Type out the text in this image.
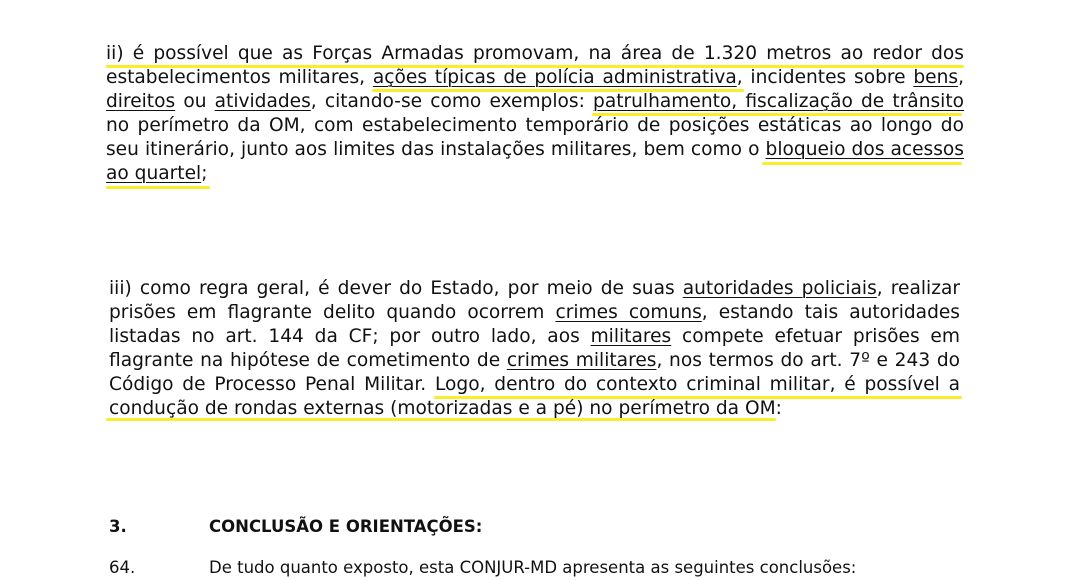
ii) é possível que as Forças Armadas promovam, na área de 1.320 metros ao redor dos estabelecimentos militares, ações típicas de polícia administrativa, incidentes sobre bens, direitos ou atividades, citando-se como exemplos: patrulhamento, fiscalização de trânsito no perímetro da OM, com estabelecimento temporário de posições estáticas ao longo do seu itinerário, junto aos limites das instalações militares, bem como o bloqueio dos acessos ao quartel;
iii) como regra geral, é dever do Estado, por meio de suas autoridades policiais, realizar prisões em flagrante delito quando ocorrem crimes comuns, estando tais autoridades listadas no art. 144 da CF; por outro lado, aos militares compete efetuar prisões em flagrante na hipótese de cometimento de crimes militares, nos termos do art. 7º e 243 do Código de Processo Penal Militar. Logo, dentro do contexto criminal militar, é possível a condução de rondas externas (motorizadas e a pé) no perímetro da OM:
3.	CONCLUSÃO E ORIENTAÇÕES:
64.	De tudo quanto exposto, esta CONJUR-MD apresenta as seguintes conclusões:
